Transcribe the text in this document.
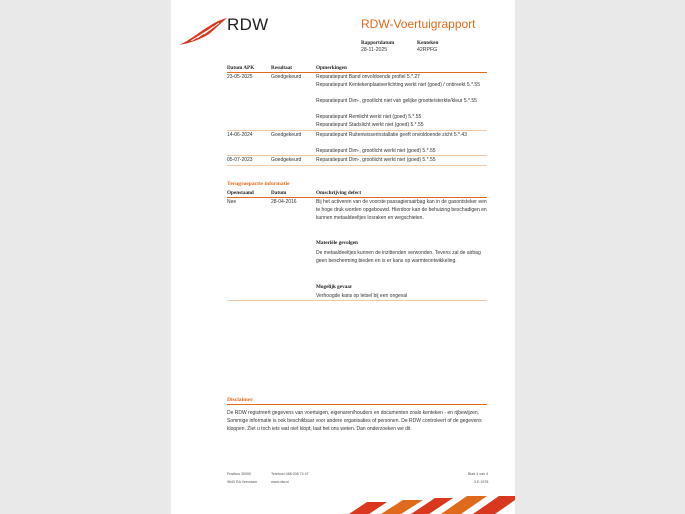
RDW	RDW-Voertuigrapport
Rapportdatum
28-11-2025
Kenteken
42RPFG
Datum APK	Resultaat	Opmerkingen
23-05-2025	Goedgekeurd	Reparatiepunt Band onvoldoende profiel 5.*.27
Reparatiepunt Kentekenplaatverlichting werkt niet (goed) / onbreekt 5.*.55
Reparatiepunt Dim-, grootlicht niet van gelijke grootte/sterkte/kleur 5.*.55
Reparatiepunt Remlicht werkt niet (goed) 5.*.55
Reparatiepunt Stadslicht werkt niet (goed) 5.*.55
14-06-2024	Goedgekeurd	Reparatiepunt Ruitenwisserinstallatie geeft onvoldoende zicht 5.*.43
Reparatiepunt Dim-, grootlicht werkt niet (goed) 5.*.55
05-07-2023	Goedgekeurd	Reparatiepunt Dim-, grootlicht werkt niet (goed) 5.*.55
Terugroepactie informatie
Openstaand	Datum	Omschrijving defect
Nee	28-04-2016	Bij het activeren van de voorste passagiersairbag kan in de gasontsteker een te hoge druk worden opgebouwd. Hierdoor kan de behuizing beschadigen en kunnen metaaldeeltjes losraken en wegschieten.
Materiële gevolgen
De metaaldeeltjes kunnen de inzittenden verwonden. Tevens zal de airbag geen bescherming bieden en is er kans op warmteontwikkeling.
Mogelijk gevaar
Verhoogde kans op letsel bij een ongeval
Disclaimer
De RDW registreert gegevens van voertuigen, eigenaren/houders en documenten zoals kenteken - en rijbewijzen. Sommige informatie is ook beschikbaar voor andere organisaties of personen. De RDW controleert of de gegevens kloppen. Ziet u toch iets wat niet klopt, laat het ons weten. Dan onderzoeken we dit.
Postbus 30000
9640 RA Veendam
Telefoon 088 008 74 47
www.rdw.nl
Blad 4 van 4
3.E.1978
